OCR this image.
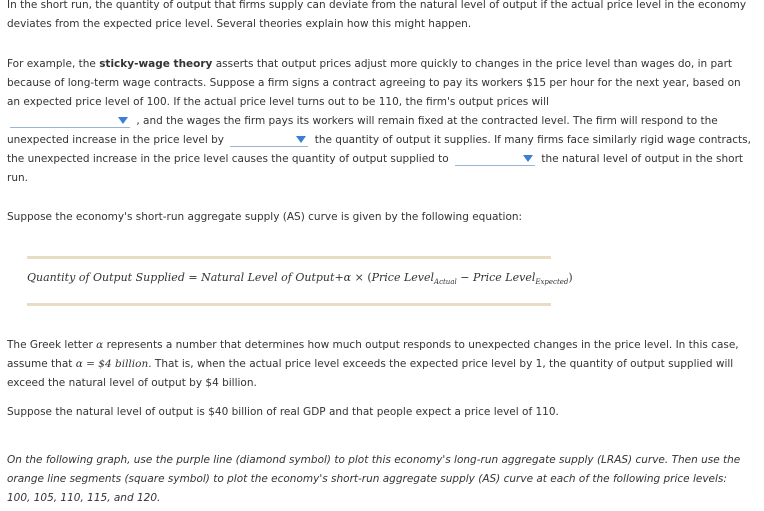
In the short run, the quantity of output that firms supply can deviate from the natural level of output if the actual price level in the economy deviates from the expected price level. Several theories explain how this might happen.
For example, the sticky-wage theory asserts that output prices adjust more quickly to changes in the price level than wages do, in part because of long-term wage contracts. Suppose a firm signs a contract agreeing to pay its workers $15 per hour for the next year, based on an expected price level of 100. If the actual price level turns out to be 110, the firm's output prices will

, and the wages the firm pays its workers will remain fixed at the contracted level. The firm will respond to the unexpected increase in the price level by	the quantity of output it supplies. If many firms face similarly rigid wage contracts, the unexpected increase in the price level causes the quantity of output supplied to	the natural level of output in the short run.
Suppose the economy's short-run aggregate supply (AS) curve is given by the following equation:
Quantity of Output Supplied = Natural Level of Output+α × (Price Level$_{Actual}$ − Price Level$_{Expected}$)
The Greek letter α represents a number that determines how much output responds to unexpected changes in the price level. In this case, assume that α = $4 billion. That is, when the actual price level exceeds the expected price level by 1, the quantity of output supplied will exceed the natural level of output by $4 billion.
Suppose the natural level of output is $40 billion of real GDP and that people expect a price level of 110.
On the following graph, use the purple line (diamond symbol) to plot this economy's long-run aggregate supply (LRAS) curve. Then use the orange line segments (square symbol) to plot the economy's short-run aggregate supply (AS) curve at each of the following price levels: 100, 105, 110, 115, and 120.
